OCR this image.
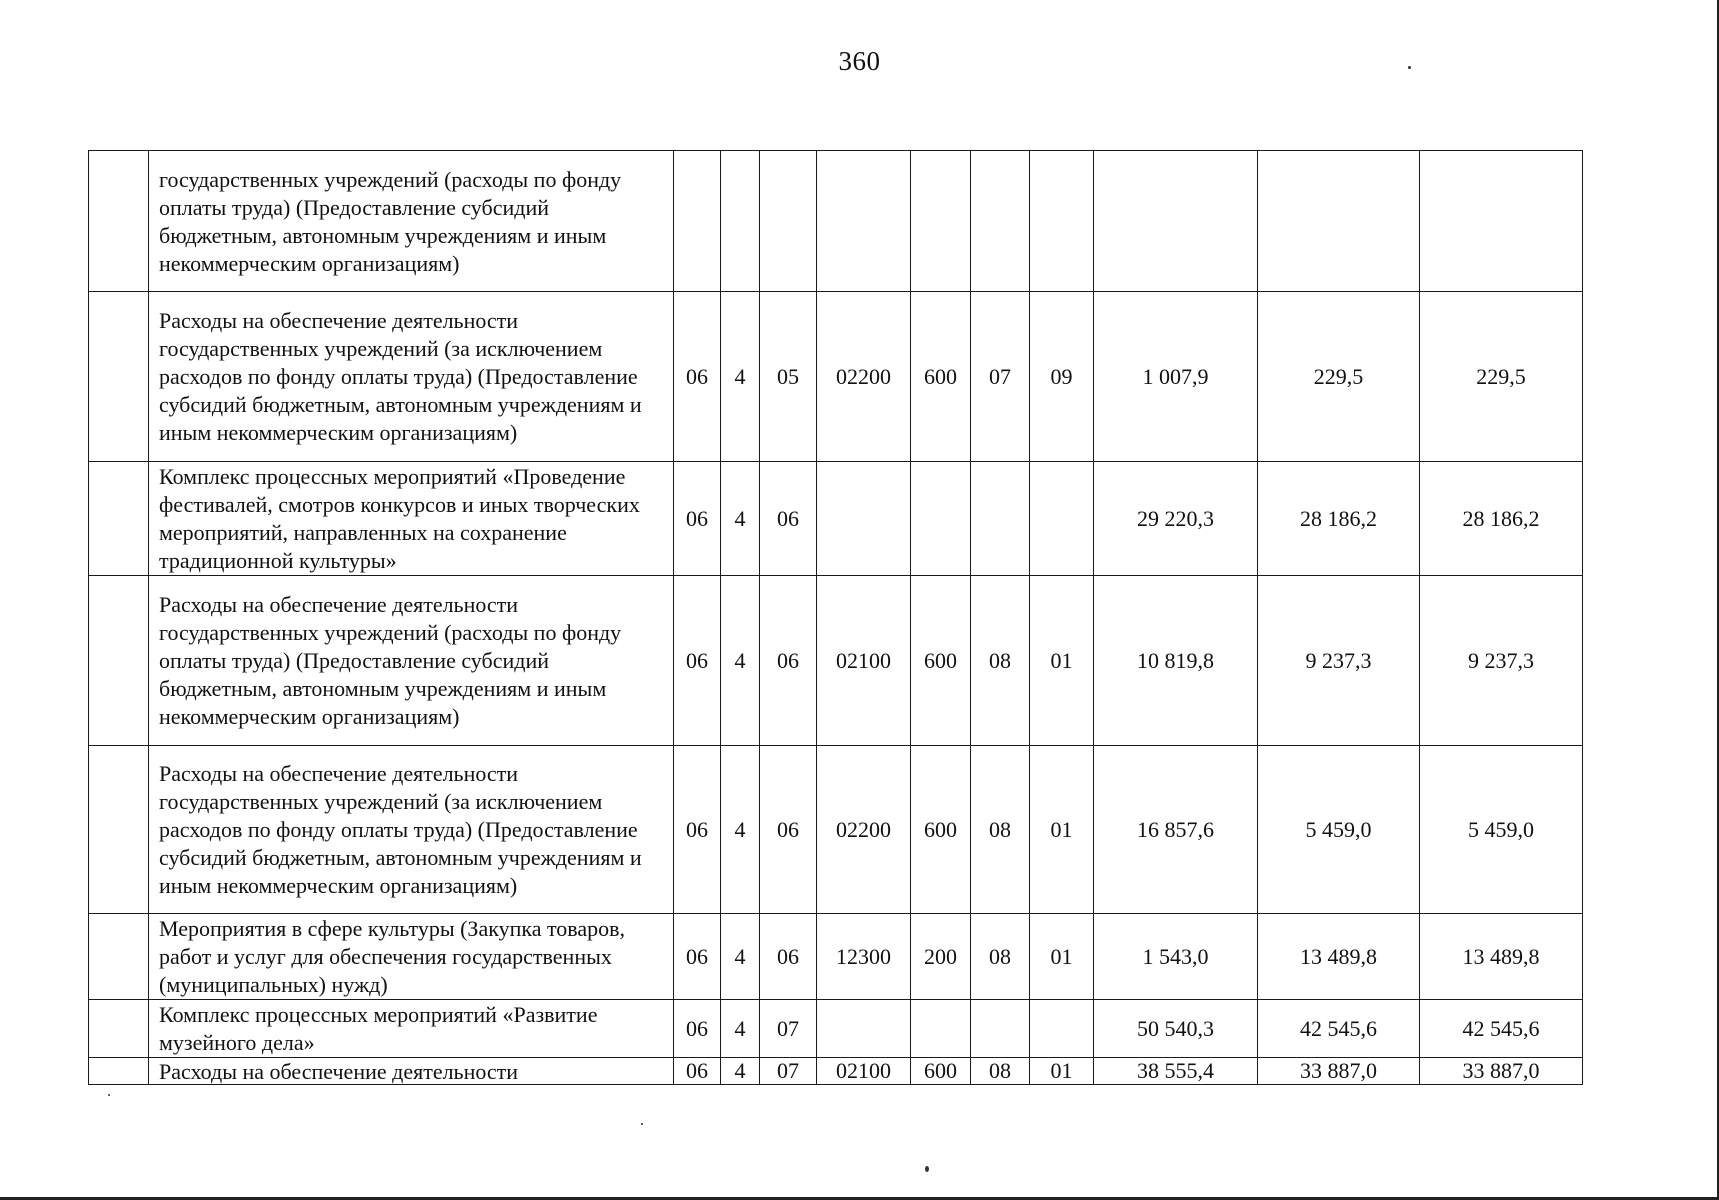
360
	государственных учреждений (расходы по фонду оплаты труда) (Предоставление субсидий бюджетным, автономным учреждениям и иным некоммерческим организациям)										
	Расходы на обеспечение деятельности государственных учреждений (за исключением расходов по фонду оплаты труда) (Предоставление субсидий бюджетным, автономным учреждениям и иным некоммерческим организациям)	06	4	05	02200	600	07	09	1 007,9	229,5	229,5
	Комплекс процессных мероприятий «Проведение фестивалей, смотров конкурсов и иных творческих мероприятий, направленных на сохранение традиционной культуры»	06	4	06					29 220,3	28 186,2	28 186,2
	Расходы на обеспечение деятельности государственных учреждений (расходы по фонду оплаты труда) (Предоставление субсидий бюджетным, автономным учреждениям и иным некоммерческим организациям)	06	4	06	02100	600	08	01	10 819,8	9 237,3	9 237,3
	Расходы на обеспечение деятельности государственных учреждений (за исключением расходов по фонду оплаты труда) (Предоставление субсидий бюджетным, автономным учреждениям и иным некоммерческим организациям)	06	4	06	02200	600	08	01	16 857,6	5 459,0	5 459,0
	Мероприятия в сфере культуры (Закупка товаров, работ и услуг для обеспечения государственных (муниципальных) нужд)	06	4	06	12300	200	08	01	1 543,0	13 489,8	13 489,8
	Комплекс процессных мероприятий «Развитие музейного дела»	06	4	07					50 540,3	42 545,6	42 545,6
	Расходы на обеспечение деятельности	06	4	07	02100	600	08	01	38 555,4	33 887,0	33 887,0
